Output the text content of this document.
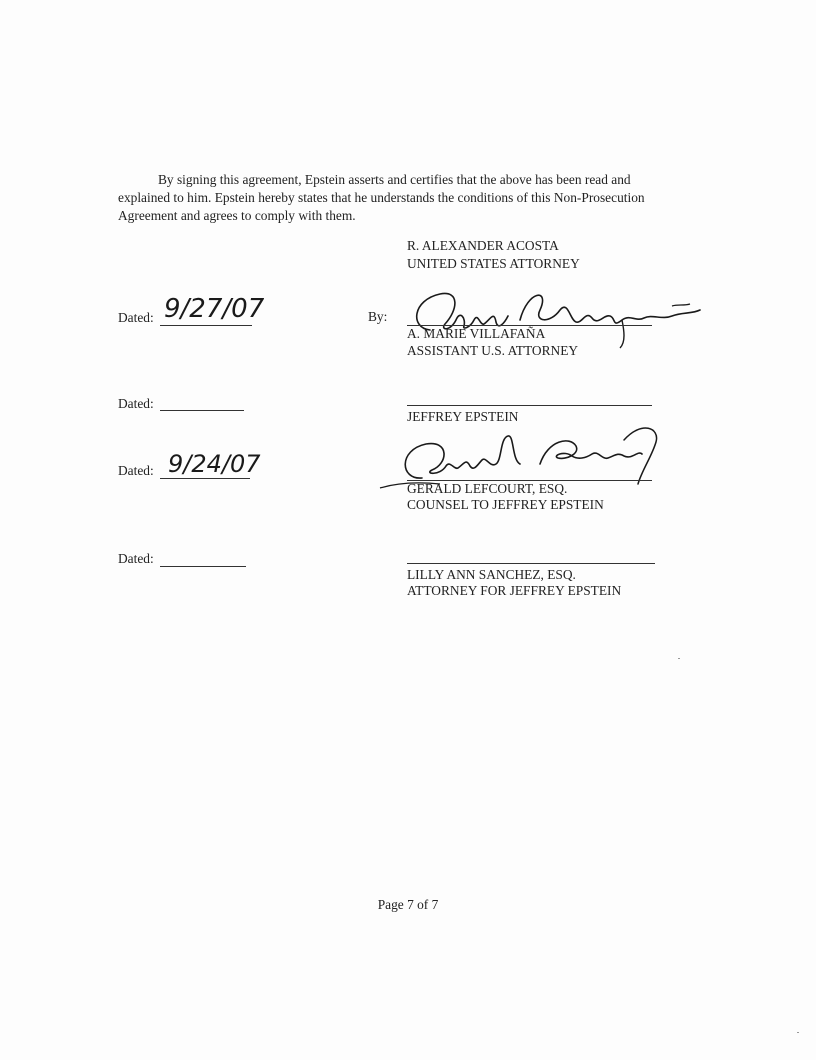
By signing this agreement, Epstein asserts and certifies that the above has been read and explained to him. Epstein hereby states that he understands the conditions of this Non-Prosecution Agreement and agrees to comply with them.
R. ALEXANDER ACOSTA
UNITED STATES ATTORNEY
Dated: 9/27/07	By:
A. MARIE VILLAFAÑA
ASSISTANT U.S. ATTORNEY
Dated:
JEFFREY EPSTEIN
Dated: 9/24/07
GERALD LEFCOURT, ESQ.
COUNSEL TO JEFFREY EPSTEIN
Dated:
LILLY ANN SANCHEZ, ESQ.
ATTORNEY FOR JEFFREY EPSTEIN
Page 7 of 7
